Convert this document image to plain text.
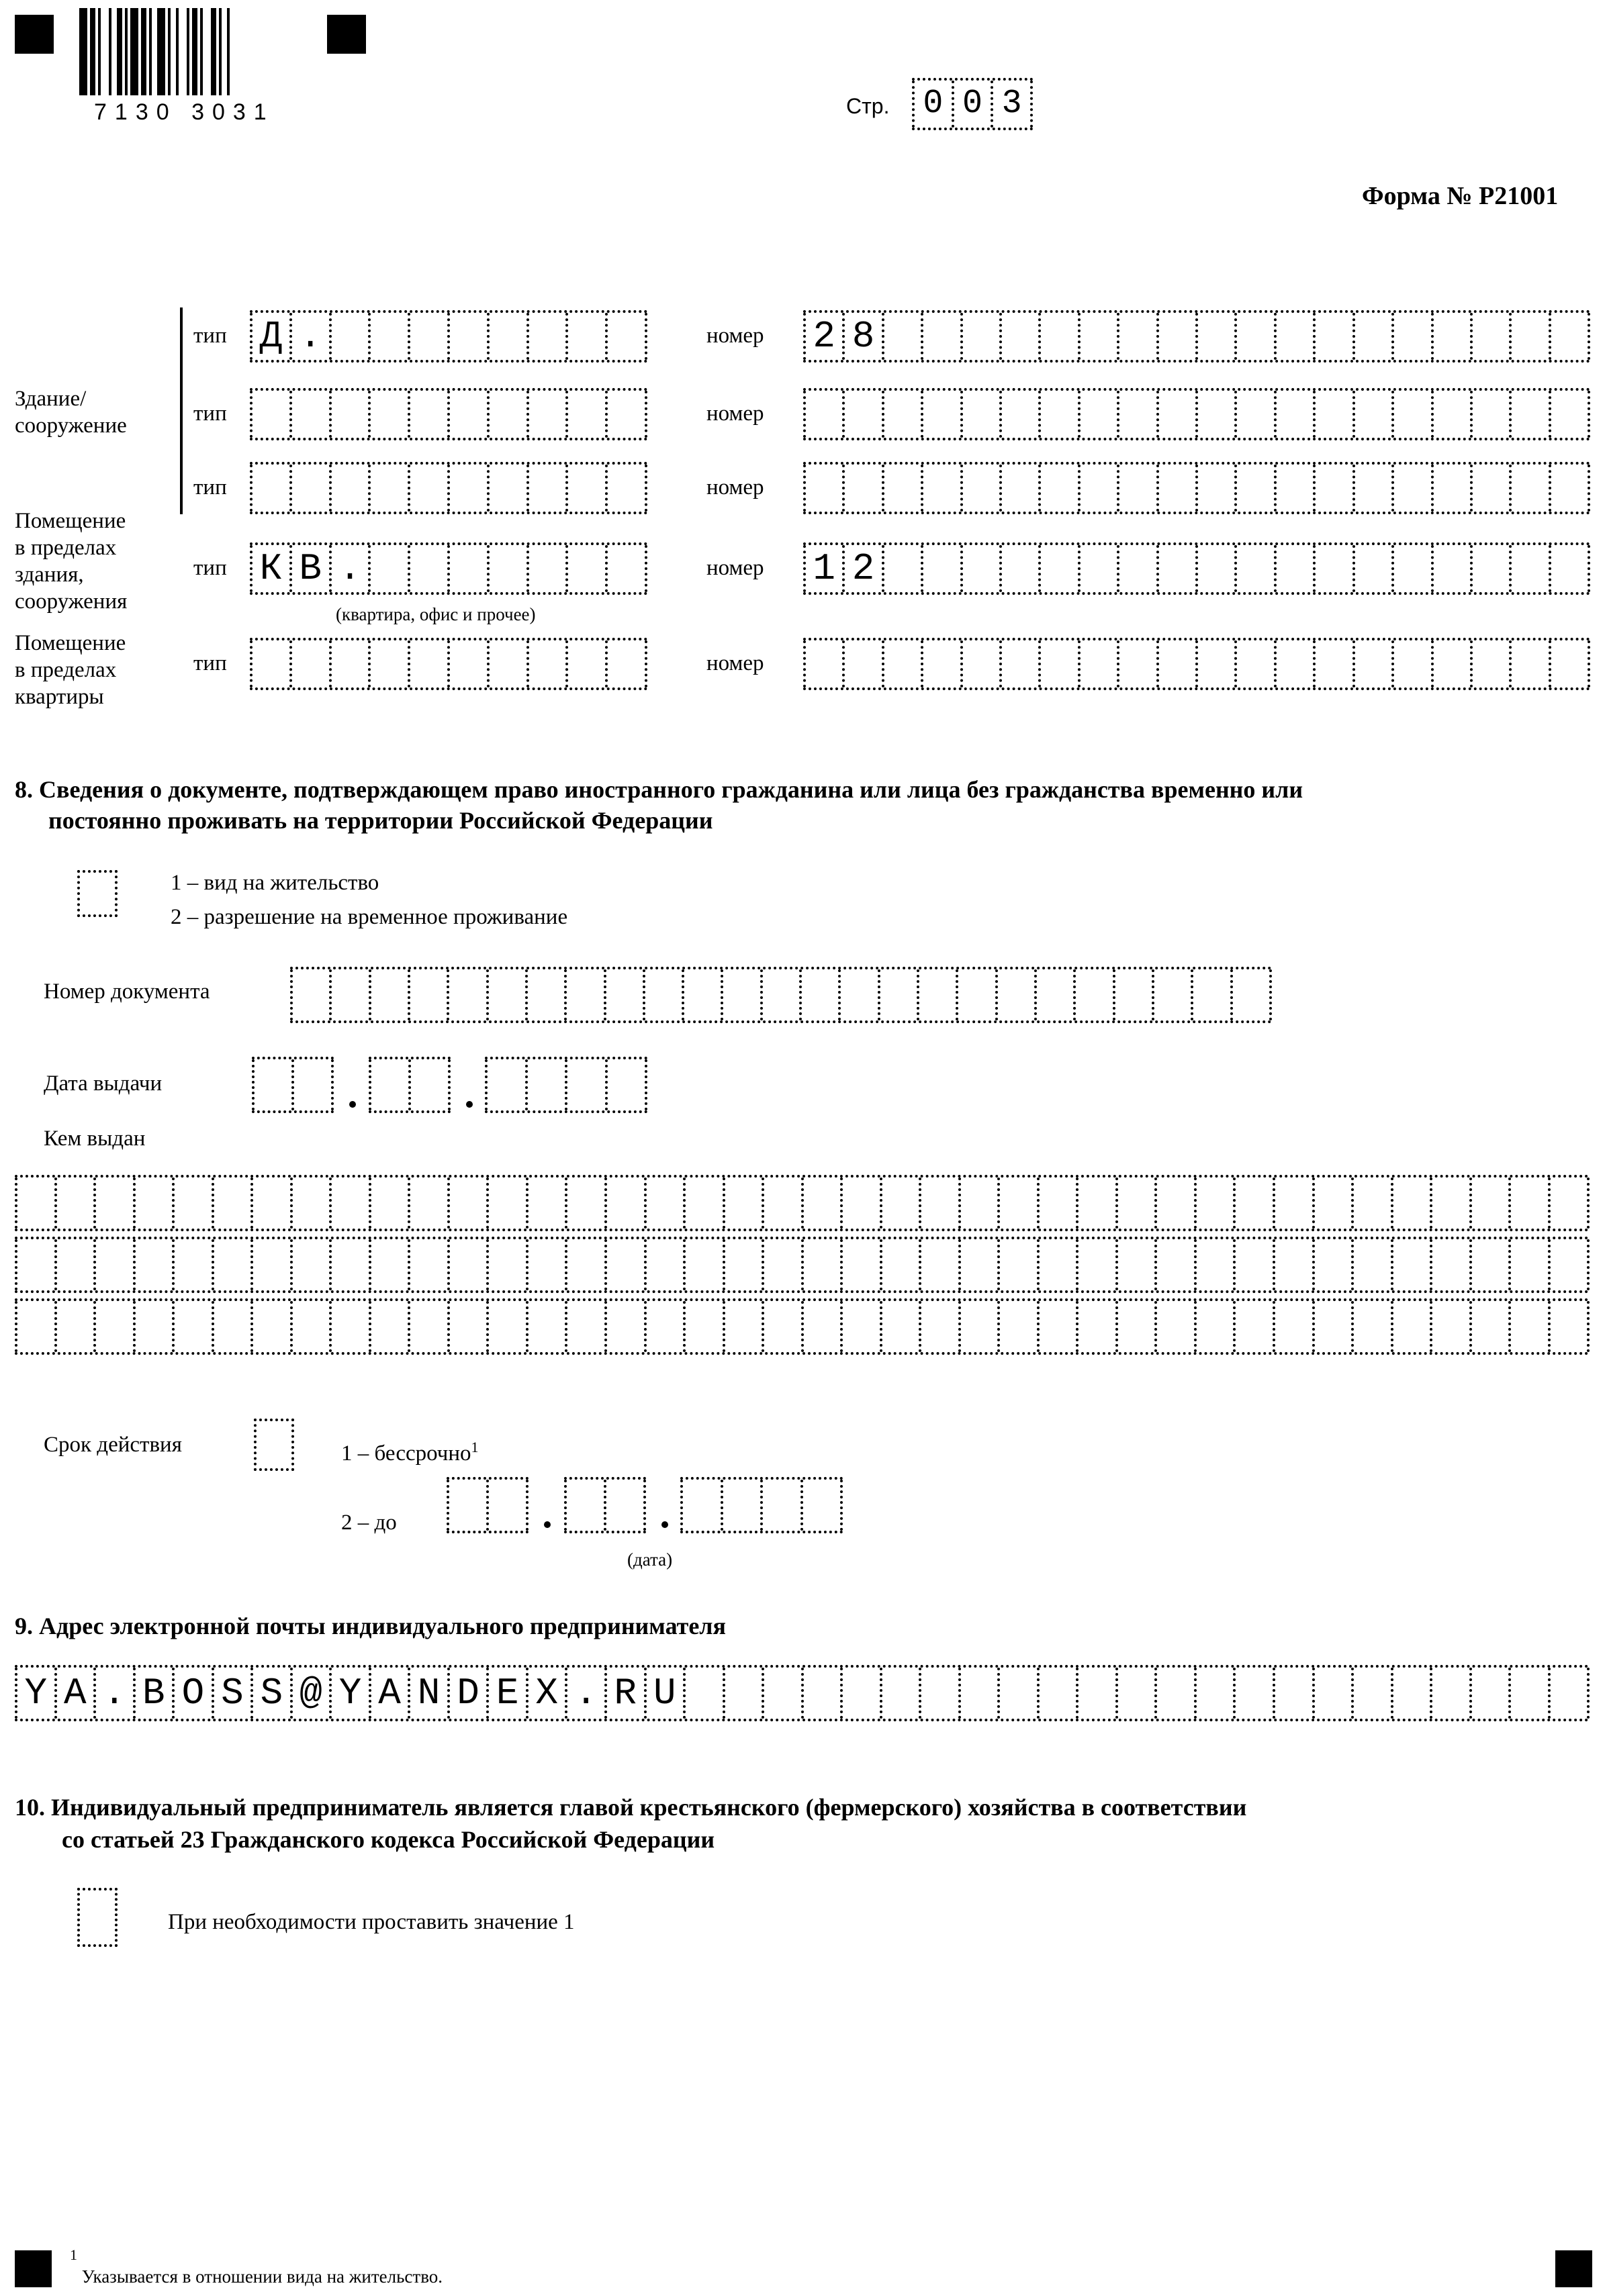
7130 3031	Стр. 0 0 3
Форма № Р21001
Здание/
сооружение
Помещение
в пределах
здания,
сооружения
Помещение
в пределах
квартиры
тип Д .	номер 2 8
тип	номер
тип	номер
тип К В .	номер 1 2
тип	номер
(квартира, офис и прочее)
8. Сведения о документе, подтверждающем право иностранного гражданина или лица без гражданства временно или
постоянно проживать на территории Российской Федерации
1 – вид на жительство
2 – разрешение на временное проживание
Номер документа
Дата выдачи
Кем выдан
Срок действия	1 – бессрочно$^1$
2 – до
(дата)
9. Адрес электронной почты индивидуального предпринимателя
Y A . B O S S @ Y A N D E X . R U
10. Индивидуальный предприниматель является главой крестьянского (фермерского) хозяйства в соответствии
со статьей 23 Гражданского кодекса Российской Федерации
При необходимости проставить значение 1
$^1$ Указывается в отношении вида на жительство.
